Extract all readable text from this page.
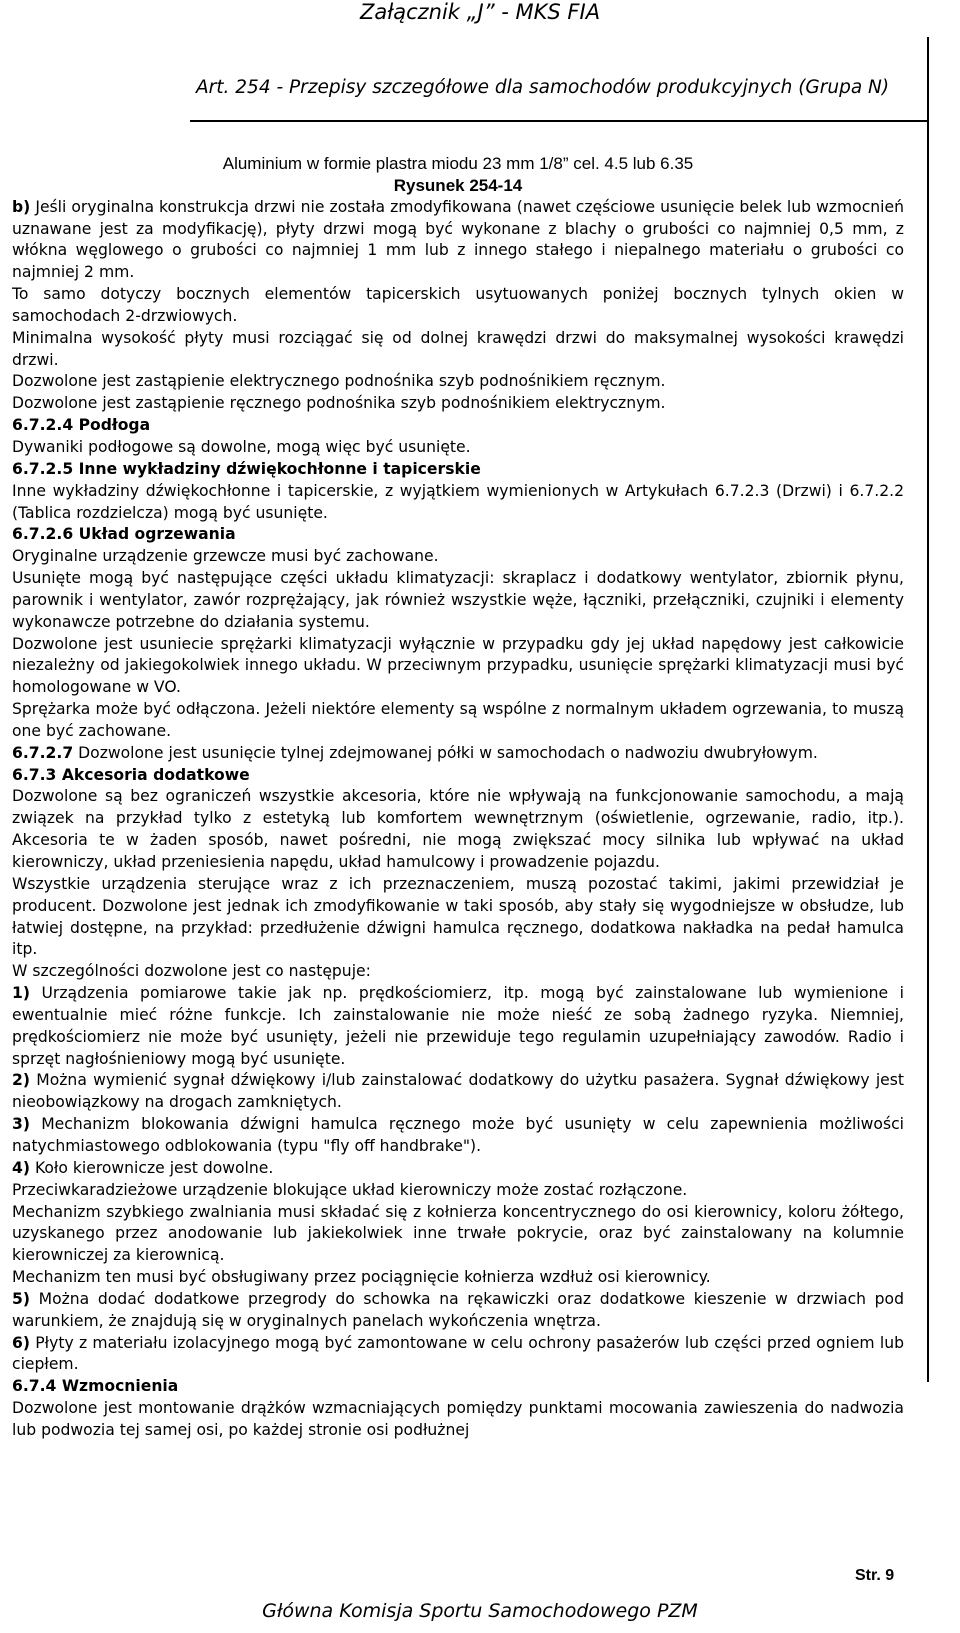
Załącznik „J” - MKS FIA
Art. 254 - Przepisy szczegółowe dla samochodów produkcyjnych (Grupa N)

Aluminium w formie plastra miodu 23 mm 1/8” cel. 4.5 lub 6.35

Rysunek 254-14

b) Jeśli oryginalna konstrukcja drzwi nie została zmodyfikowana (nawet częściowe usunięcie belek lub wzmocnień uznawane jest za modyfikację), płyty drzwi mogą być wykonane z blachy o grubości co najmniej 0,5 mm, z włókna węglowego o grubości co najmniej 1 mm lub z innego stałego i niepalnego materiału o grubości co najmniej 2 mm.

To samo dotyczy bocznych elementów tapicerskich usytuowanych poniżej bocznych tylnych okien w samochodach 2-drzwiowych.

Minimalna wysokość płyty musi rozciągać się od dolnej krawędzi drzwi do maksymalnej wysokości krawędzi drzwi.

Dozwolone jest zastąpienie elektrycznego podnośnika szyb podnośnikiem ręcznym.

Dozwolone jest zastąpienie ręcznego podnośnika szyb podnośnikiem elektrycznym.

6.7.2.4 Podłoga

Dywaniki podłogowe są dowolne, mogą więc być usunięte.

6.7.2.5 Inne wykładziny dźwiękochłonne i tapicerskie

Inne wykładziny dźwiękochłonne i tapicerskie, z wyjątkiem wymienionych w Artykułach 6.7.2.3 (Drzwi) i 6.7.2.2 (Tablica rozdzielcza) mogą być usunięte.

6.7.2.6 Układ ogrzewania

Oryginalne urządzenie grzewcze musi być zachowane.

Usunięte mogą być następujące części układu klimatyzacji: skraplacz i dodatkowy wentylator, zbiornik płynu, parownik i wentylator, zawór rozprężający, jak również wszystkie węże, łączniki, przełączniki, czujniki i elementy wykonawcze potrzebne do działania systemu.

Dozwolone jest usuniecie sprężarki klimatyzacji wyłącznie w przypadku gdy jej układ napędowy jest całkowicie niezależny od jakiegokolwiek innego układu. W przeciwnym przypadku, usunięcie sprężarki klimatyzacji musi być homologowane w VO.

Sprężarka może być odłączona. Jeżeli niektóre elementy są wspólne z normalnym układem ogrzewania, to muszą one być zachowane.

6.7.2.7 Dozwolone jest usunięcie tylnej zdejmowanej półki w samochodach o nadwoziu dwubryłowym.

6.7.3 Akcesoria dodatkowe

Dozwolone są bez ograniczeń wszystkie akcesoria, które nie wpływają na funkcjonowanie samochodu, a mają związek na przykład tylko z estetyką lub komfortem wewnętrznym (oświetlenie, ogrzewanie, radio, itp.). Akcesoria te w żaden sposób, nawet pośredni, nie mogą zwiększać mocy silnika lub wpływać na układ kierowniczy, układ przeniesienia napędu, układ hamulcowy i prowadzenie pojazdu.

Wszystkie urządzenia sterujące wraz z ich przeznaczeniem, muszą pozostać takimi, jakimi przewidział je producent. Dozwolone jest jednak ich zmodyfikowanie w taki sposób, aby stały się wygodniejsze w obsłudze, lub łatwiej dostępne, na przykład: przedłużenie dźwigni hamulca ręcznego, dodatkowa nakładka na pedał hamulca itp.

W szczególności dozwolone jest co następuje:

1) Urządzenia pomiarowe takie jak np. prędkościomierz, itp. mogą być zainstalowane lub wymienione i ewentualnie mieć różne funkcje. Ich zainstalowanie nie może nieść ze sobą żadnego ryzyka. Niemniej, prędkościomierz nie może być usunięty, jeżeli nie przewiduje tego regulamin uzupełniający zawodów. Radio i sprzęt nagłośnieniowy mogą być usunięte.

2) Można wymienić sygnał dźwiękowy i/lub zainstalować dodatkowy do użytku pasażera. Sygnał dźwiękowy jest nieobowiązkowy na drogach zamkniętych.

3) Mechanizm blokowania dźwigni hamulca ręcznego może być usunięty w celu zapewnienia możliwości natychmiastowego odblokowania (typu "fly off handbrake").

4) Koło kierownicze jest dowolne.

Przeciwkaradzieżowe urządzenie blokujące układ kierowniczy może zostać rozłączone.

Mechanizm szybkiego zwalniania musi składać się z kołnierza koncentrycznego do osi kierownicy, koloru żółtego, uzyskanego przez anodowanie lub jakiekolwiek inne trwałe pokrycie, oraz być zainstalowany na kolumnie kierowniczej za kierownicą.

Mechanizm ten musi być obsługiwany przez pociągnięcie kołnierza wzdłuż osi kierownicy.

5) Można dodać dodatkowe przegrody do schowka na rękawiczki oraz dodatkowe kieszenie w drzwiach pod warunkiem, że znajdują się w oryginalnych panelach wykończenia wnętrza.

6) Płyty z materiału izolacyjnego mogą być zamontowane w celu ochrony pasażerów lub części przed ogniem lub ciepłem.

6.7.4 Wzmocnienia

Dozwolone jest montowanie drążków wzmacniających pomiędzy punktami mocowania zawieszenia do nadwozia lub podwozia tej samej osi, po każdej stronie osi podłużnej

Str. 9
Główna Komisja Sportu Samochodowego PZM
